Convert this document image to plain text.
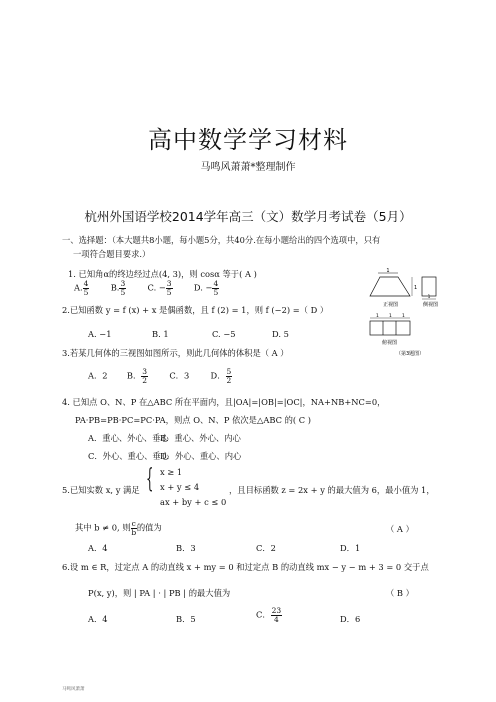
高中数学学习材料
马鸣风萧萧*整理制作
杭州外国语学校2014学年高三（文）数学月考试卷（5月）
一、选择题：（本大题共8小题，每小题5分，共40分.在每小题给出的四个选项中，只有
一项符合题目要求.）
1. 已知角α的终边经过点(4, 3)，则 cosα 等于( A )
A. $\frac{4}{5}$	B. $\frac{3}{5}$	C. − $\frac{3}{5}$	D. − $\frac{4}{5}$
2.已知函数 y = f (x) + x 是偶函数，且 f (2) = 1，则 f (−2) =（ D ）
A. −1	B. 1	C. −5	D. 5
3.若某几何体的三视图如图所示，则此几何体的体积是（ A ）
A．2 B． $\frac{3}{2}$	C．3	D． $\frac{5}{2}$
1
1
正视图
1
侧视图
1 1 1
俯视图
（第3题图）
4. 已知点 O、N、P 在△ABC 所在平面内，且|OA|=|OB|=|OC|，NA+NB+NC=0，
PA·PB=PB·PC=PC·PA，则点 O、N、P 依次是△ABC 的( C )
A．重心、外心、垂心
B．重心、外心、内心
C．外心、重心、垂心
D．外心、重心、内心
5.已知实数 x, y 满足 { x ≥ 1
x + y ≤ 4
ax + by + c ≤ 0
，且目标函数 z = 2x + y 的最大值为 6，最小值为 1，
其中 b ≠ 0, 则 $\frac{c}{b}$ 的值为	（ A ）
A．4	B．3	C．2	D．1
6.设 m ∈ R，过定点 A 的动直线 x + my = 0 和过定点 B 的动直线 mx − y − m + 3 = 0 交于点
P(x, y)，则 | PA | · | PB | 的最大值为	（ B ）
A．4	B．5	C． $\frac{23}{4}$	D．6
马鸣风萧萧
